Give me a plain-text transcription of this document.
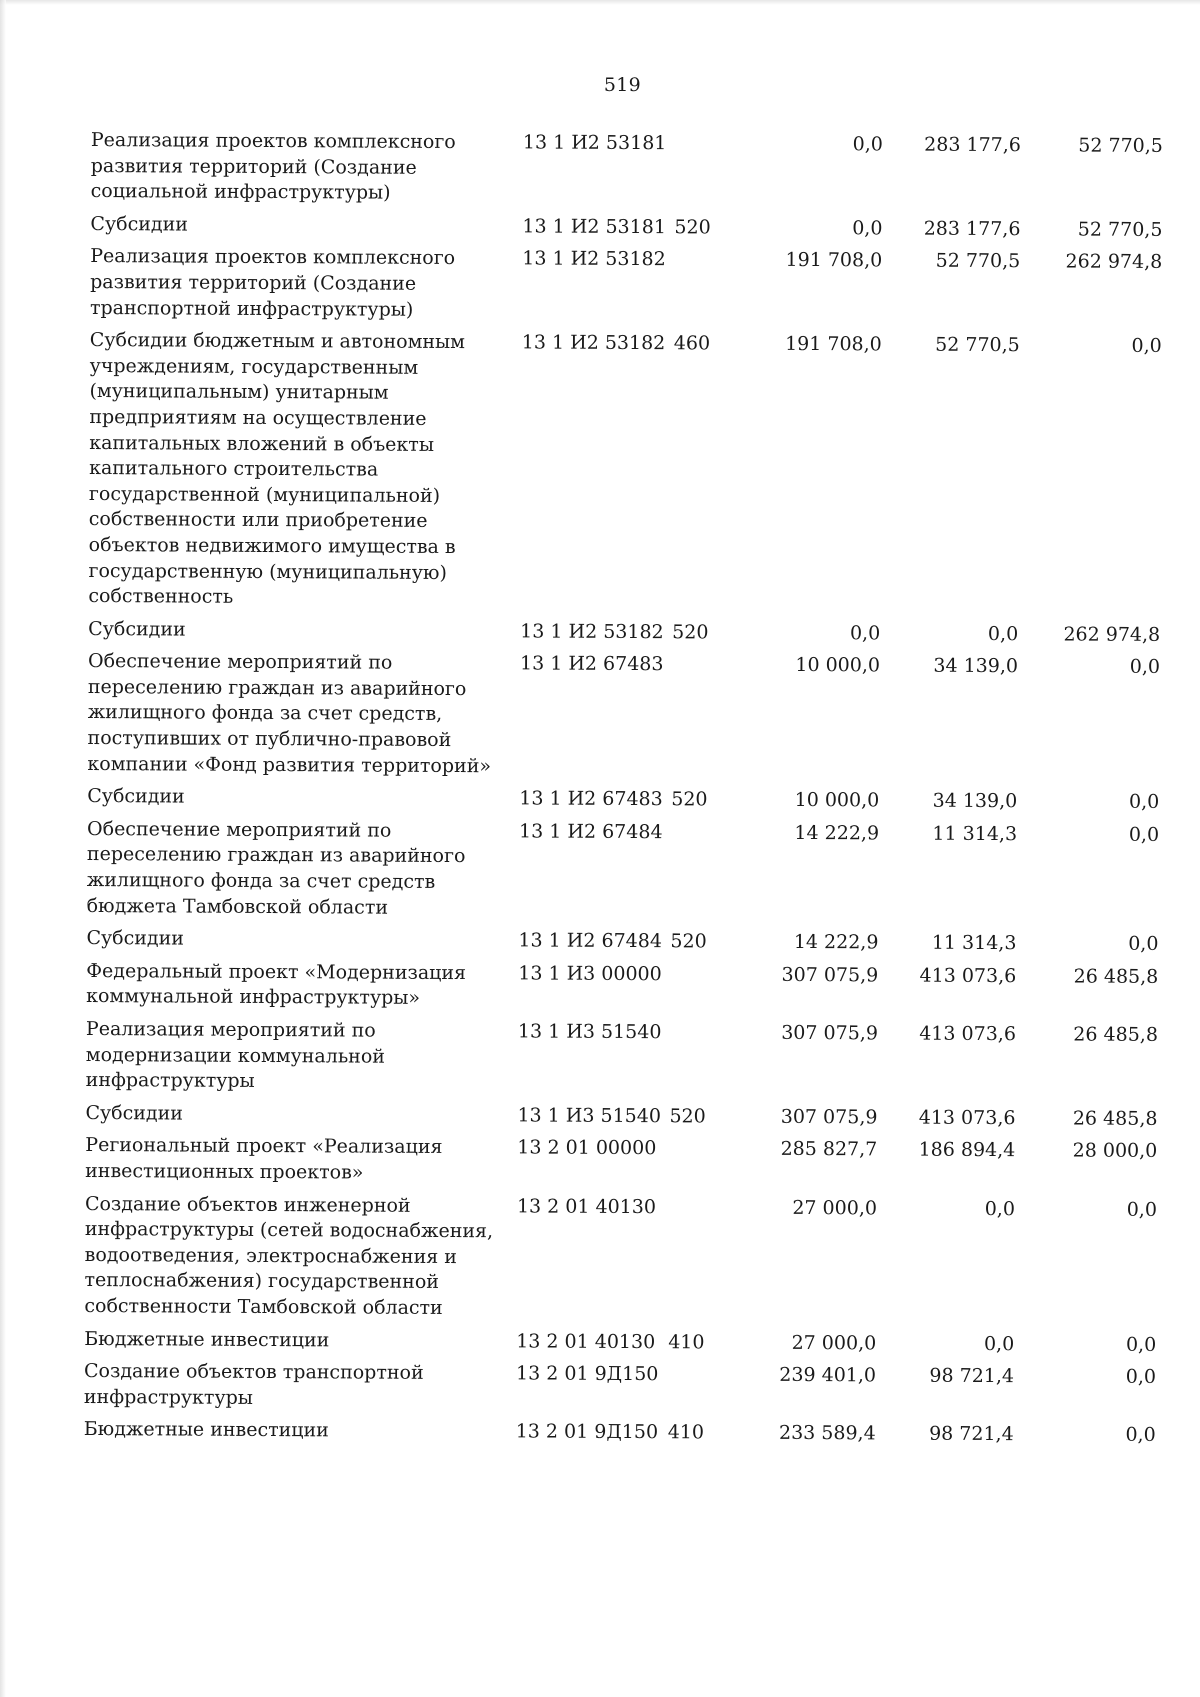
519
Реализация проектов комплексного развития территорий (Создание социальной инфраструктуры)	13 1 И2 53181		0,0	283 177,6	52 770,5
Субсидии	13 1 И2 53181	520	0,0	283 177,6	52 770,5
Реализация проектов комплексного развития территорий (Создание транспортной инфраструктуры)	13 1 И2 53182		191 708,0	52 770,5	262 974,8
Субсидии бюджетным и автономным учреждениям, государственным (муниципальным) унитарным предприятиям на осуществление капитальных вложений в объекты капитального строительства государственной (муниципальной) собственности или приобретение объектов недвижимого имущества в государственную (муниципальную) собственность	13 1 И2 53182	460	191 708,0	52 770,5	0,0
Субсидии	13 1 И2 53182	520	0,0	0,0	262 974,8
Обеспечение мероприятий по переселению граждан из аварийного жилищного фонда за счет средств, поступивших от публично-правовой компании «Фонд развития территорий»	13 1 И2 67483		10 000,0	34 139,0	0,0
Субсидии	13 1 И2 67483	520	10 000,0	34 139,0	0,0
Обеспечение мероприятий по переселению граждан из аварийного жилищного фонда за счет средств бюджета Тамбовской области	13 1 И2 67484		14 222,9	11 314,3	0,0
Субсидии	13 1 И2 67484	520	14 222,9	11 314,3	0,0
Федеральный проект «Модернизация коммунальной инфраструктуры»	13 1 И3 00000		307 075,9	413 073,6	26 485,8
Реализация мероприятий по модернизации коммунальной инфраструктуры	13 1 И3 51540		307 075,9	413 073,6	26 485,8
Субсидии	13 1 И3 51540	520	307 075,9	413 073,6	26 485,8
Региональный проект «Реализация инвестиционных проектов»	13 2 01 00000		285 827,7	186 894,4	28 000,0
Создание объектов инженерной инфраструктуры (сетей водоснабжения, водоотведения, электроснабжения и теплоснабжения) государственной собственности Тамбовской области	13 2 01 40130		27 000,0	0,0	0,0
Бюджетные инвестиции	13 2 01 40130	410	27 000,0	0,0	0,0
Создание объектов транспортной инфраструктуры	13 2 01 9Д150		239 401,0	98 721,4	0,0
Бюджетные инвестиции	13 2 01 9Д150	410	233 589,4	98 721,4	0,0
